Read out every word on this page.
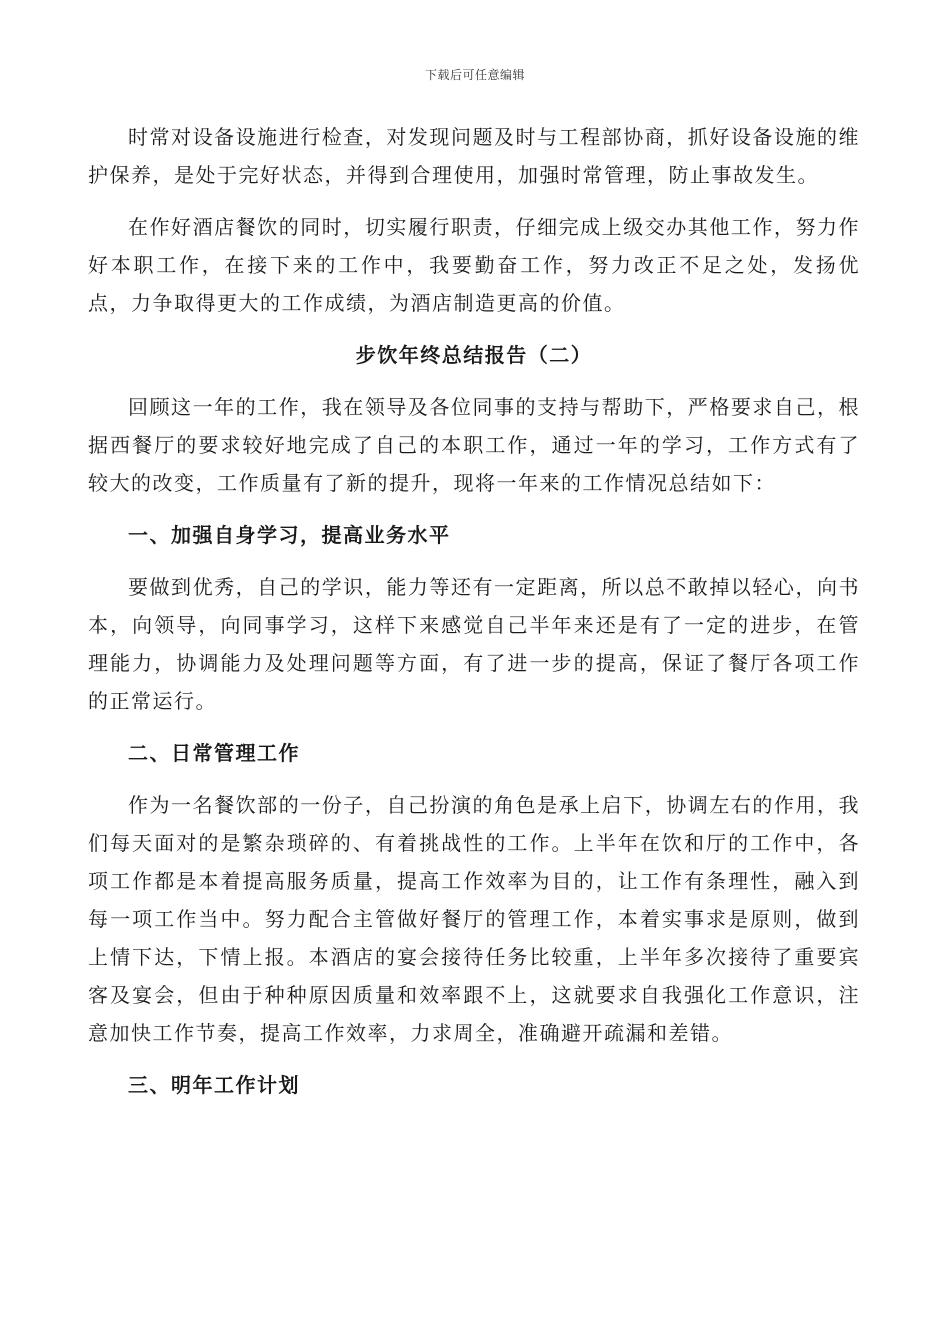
下载后可任意编辑

时常对设备设施进行检查，对发现问题及时与工程部协商，抓好设备设施的维护保养，是处于完好状态，并得到合理使用，加强时常管理，防止事故发生。

在作好酒店餐饮的同时，切实履行职责，仔细完成上级交办其他工作，努力作好本职工作，在接下来的工作中，我要勤奋工作，努力改正不足之处，发扬优点，力争取得更大的工作成绩，为酒店制造更高的价值。

步饮年终总结报告（二）

回顾这一年的工作，我在领导及各位同事的支持与帮助下，严格要求自己，根据西餐厅的要求较好地完成了自己的本职工作，通过一年的学习，工作方式有了较大的改变，工作质量有了新的提升，现将一年来的工作情况总结如下：

一、加强自身学习，提高业务水平

要做到优秀，自己的学识，能力等还有一定距离，所以总不敢掉以轻心，向书本，向领导，向同事学习，这样下来感觉自己半年来还是有了一定的进步，在管理能力，协调能力及处理问题等方面，有了进一步的提高，保证了餐厅各项工作的正常运行。

二、日常管理工作

作为一名餐饮部的一份子，自己扮演的角色是承上启下，协调左右的作用，我们每天面对的是繁杂琐碎的、有着挑战性的工作。上半年在饮和厅的工作中，各项工作都是本着提高服务质量，提高工作效率为目的，让工作有条理性，融入到每一项工作当中。努力配合主管做好餐厅的管理工作，本着实事求是原则，做到上情下达，下情上报。本酒店的宴会接待任务比较重，上半年多次接待了重要宾客及宴会，但由于种种原因质量和效率跟不上，这就要求自我强化工作意识，注意加快工作节奏，提高工作效率，力求周全，准确避开疏漏和差错。

三、明年工作计划
